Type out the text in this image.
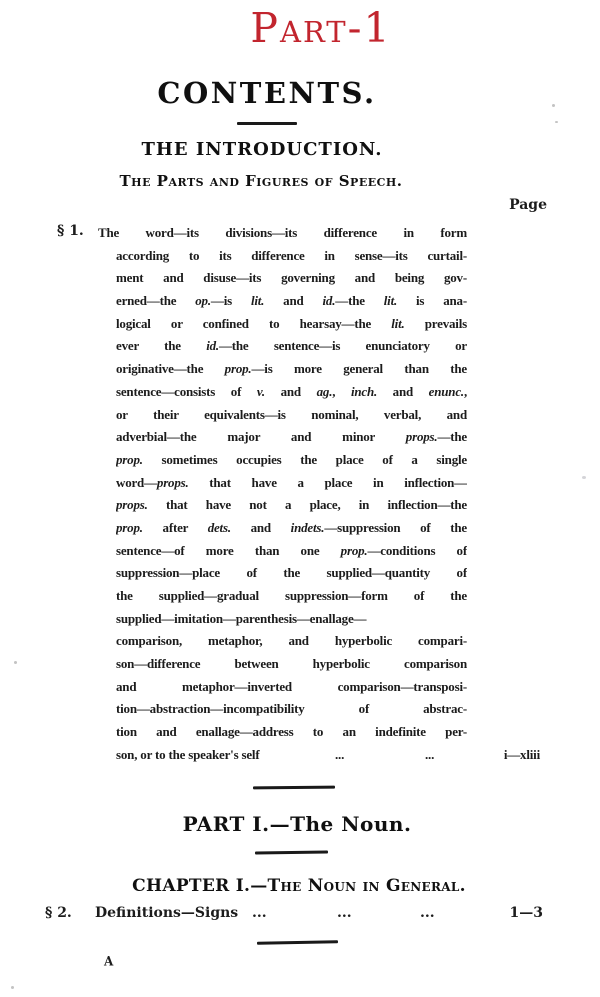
Part-1
CONTENTS.
THE INTRODUCTION.
The Parts and Figures of Speech.
Page
§ 1. The word—its divisions—its difference in form
according to its difference in sense—its curtail-
ment and disuse—its governing and being gov-
erned—the op.—is lit. and id.—the lit. is ana-
logical or confined to hearsay—the lit. prevails
ever the id.—the sentence—is enunciatory or
originative—the prop.—is more general than the
sentence—consists of v. and ag., inch. and enunc.,
or their equivalents—is nominal, verbal, and
adverbial—the major and minor props.—the
prop. sometimes occupies the place of a single
word—props. that have a place in inflection—
props. that have not a place, in inflection—the
prop. after dets. and indets.—suppression of the
sentence—of more than one prop.—conditions of
suppression—place of the supplied—quantity of
the supplied—gradual suppression—form of the
supplied—imitation—parenthesis—enallage—
comparison, metaphor, and hyperbolic compari-
son—difference between hyperbolic comparison
and metaphor—inverted comparison—transposi-
tion—abstraction—incompatibility of abstrac-
tion and enallage—address to an indefinite per-
son, or to the speaker's self	...	...	i—xliii
PART I.—The Noun.
CHAPTER I.—The Noun in General.
§ 2. Definitions—Signs ...	...	...	1—3
A
